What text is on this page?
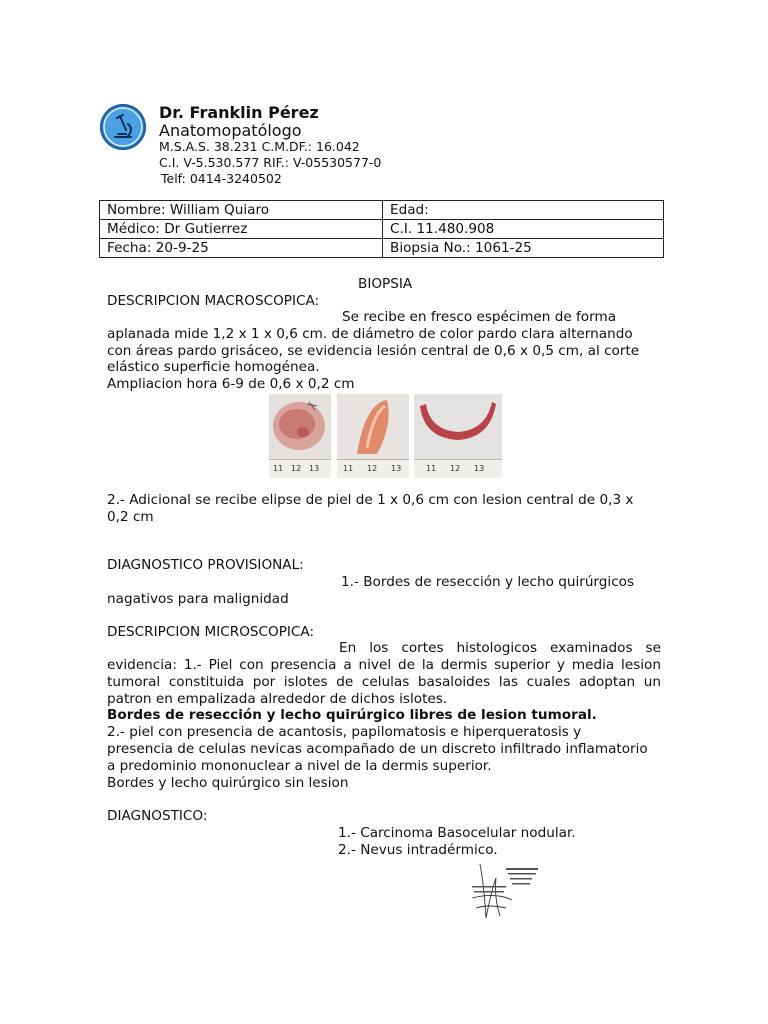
Dr. Franklin Pérez
Anatomopatólogo
M.S.A.S. 38.231 C.M.DF.: 16.042
C.I. V-5.530.577 RIF.: V-05530577-0
Telf: 0414-3240502
Nombre: William Quiaro	Edad:
Médico: Dr Gutierrez	C.I. 11.480.908
Fecha: 20-9-25	Biopsia No.: 1061-25
BIOPSIA
DESCRIPCION MACROSCOPICA:
Se recibe en fresco espécimen de forma
aplanada mide 1,2 x 1 x 0,6 cm. de diámetro de color pardo clara alternando
con áreas pardo grisáceo, se evidencia lesión central de 0,6 x 0,5 cm, al corte
elástico superficie homogénea.
Ampliacion hora 6-9 de 0,6 x 0,2 cm
11 12 13	11 12 13	11 12 13
2.- Adicional se recibe elipse de piel de 1 x 0,6 cm con lesion central de 0,3 x
0,2 cm
DIAGNOSTICO PROVISIONAL:
1.- Bordes de resección y lecho quirúrgicos
nagativos para malignidad
DESCRIPCION MICROSCOPICA:
En los cortes histologicos examinados se
evidencia: 1.- Piel con presencia a nivel de la dermis superior y media lesion
tumoral constituida por islotes de celulas basaloides las cuales adoptan un
patron en empalizada alrededor de dichos islotes.
Bordes de resección y lecho quirúrgico libres de lesion tumoral.
2.- piel con presencia de acantosis, papilomatosis e hiperqueratosis y
presencia de celulas nevicas acompañado de un discreto infiltrado inflamatorio
a predominio mononuclear a nivel de la dermis superior.
Bordes y lecho quirúrgico sin lesion
DIAGNOSTICO:
1.- Carcinoma Basocelular nodular.
2.- Nevus intradérmico.
